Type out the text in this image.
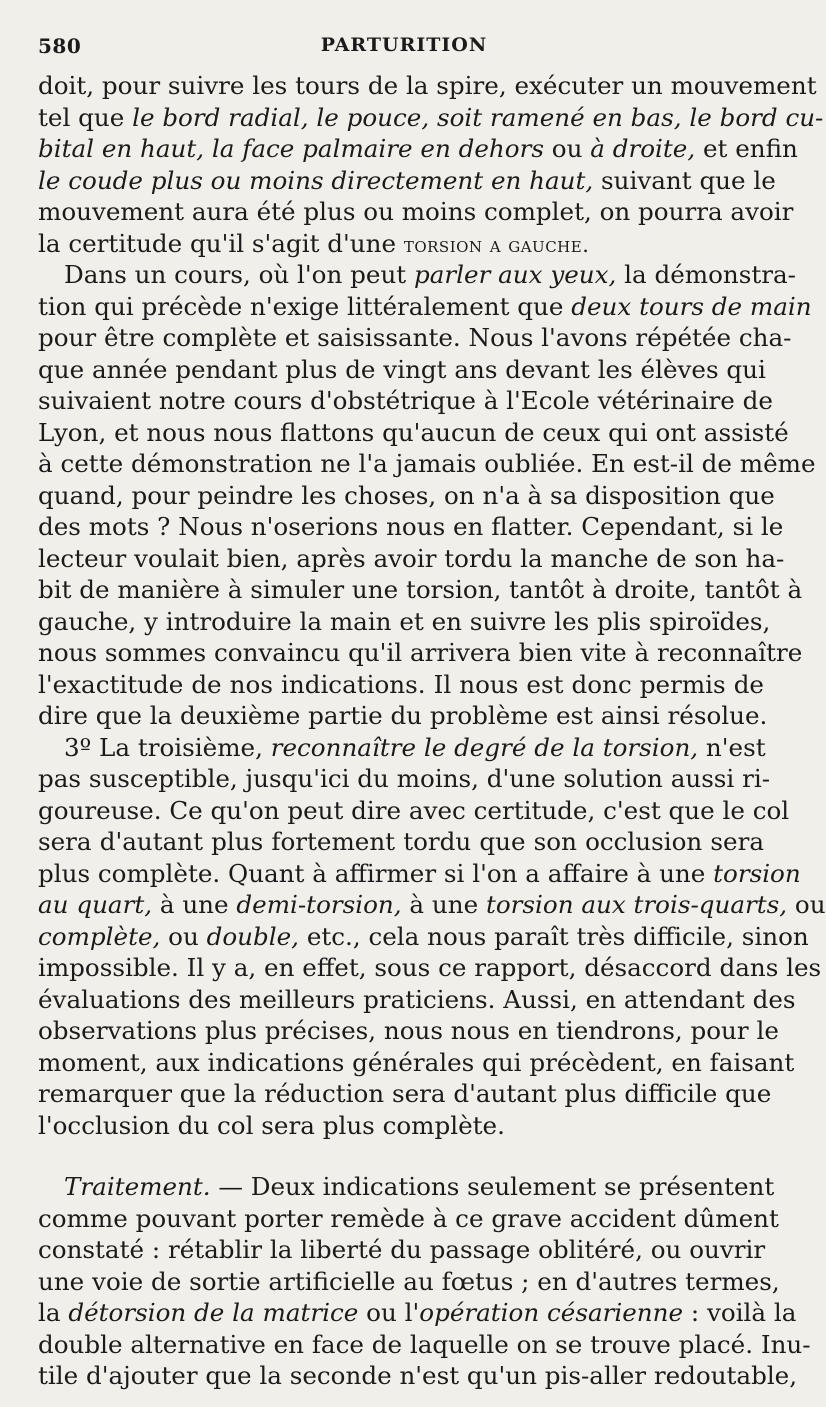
580	PARTURITION
doit, pour suivre les tours de la spire, exécuter un mouvement
tel que le bord radial, le pouce, soit ramené en bas, le bord cu-
bital en haut, la face palmaire en dehors ou à droite, et enfin
le coude plus ou moins directement en haut, suivant que le
mouvement aura été plus ou moins complet, on pourra avoir
la certitude qu'il s'agit d'une torsion a gauche.
Dans un cours, où l'on peut parler aux yeux, la démonstra-
tion qui précède n'exige littéralement que deux tours de main
pour être complète et saisissante. Nous l'avons répétée cha-
que année pendant plus de vingt ans devant les élèves qui
suivaient notre cours d'obstétrique à l'Ecole vétérinaire de
Lyon, et nous nous flattons qu'aucun de ceux qui ont assisté
à cette démonstration ne l'a jamais oubliée. En est-il de même
quand, pour peindre les choses, on n'a à sa disposition que
des mots ? Nous n'oserions nous en flatter. Cependant, si le
lecteur voulait bien, après avoir tordu la manche de son ha-
bit de manière à simuler une torsion, tantôt à droite, tantôt à
gauche, y introduire la main et en suivre les plis spiroïdes,
nous sommes convaincu qu'il arrivera bien vite à reconnaître
l'exactitude de nos indications. Il nous est donc permis de
dire que la deuxième partie du problème est ainsi résolue.
3º La troisième, reconnaître le degré de la torsion, n'est
pas susceptible, jusqu'ici du moins, d'une solution aussi ri-
goureuse. Ce qu'on peut dire avec certitude, c'est que le col
sera d'autant plus fortement tordu que son occlusion sera
plus complète. Quant à affirmer si l'on a affaire à une torsion
au quart, à une demi-torsion, à une torsion aux trois-quarts, ou
complète, ou double, etc., cela nous paraît très difficile, sinon
impossible. Il y a, en effet, sous ce rapport, désaccord dans les
évaluations des meilleurs praticiens. Aussi, en attendant des
observations plus précises, nous nous en tiendrons, pour le
moment, aux indications générales qui précèdent, en faisant
remarquer que la réduction sera d'autant plus difficile que
l'occlusion du col sera plus complète.
Traitement. — Deux indications seulement se présentent
comme pouvant porter remède à ce grave accident dûment
constaté : rétablir la liberté du passage oblitéré, ou ouvrir
une voie de sortie artificielle au fœtus ; en d'autres termes,
la détorsion de la matrice ou l'opération césarienne : voilà la
double alternative en face de laquelle on se trouve placé. Inu-
tile d'ajouter que la seconde n'est qu'un pis-aller redoutable,
